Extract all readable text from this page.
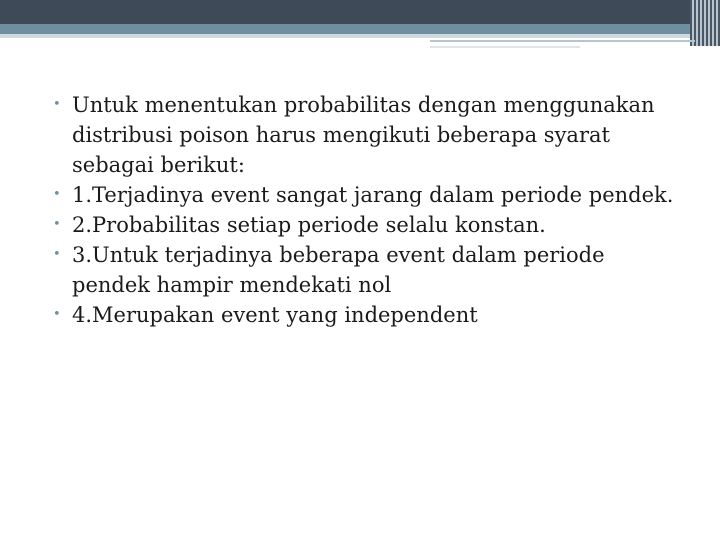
• Untuk menentukan probabilitas dengan menggunakan distribusi poison harus mengikuti beberapa syarat sebagai berikut:
• 1.Terjadinya event sangat jarang dalam periode pendek.
• 2.Probabilitas setiap periode selalu konstan.
• 3.Untuk terjadinya beberapa event dalam periode pendek hampir mendekati nol
• 4.Merupakan event yang independent
